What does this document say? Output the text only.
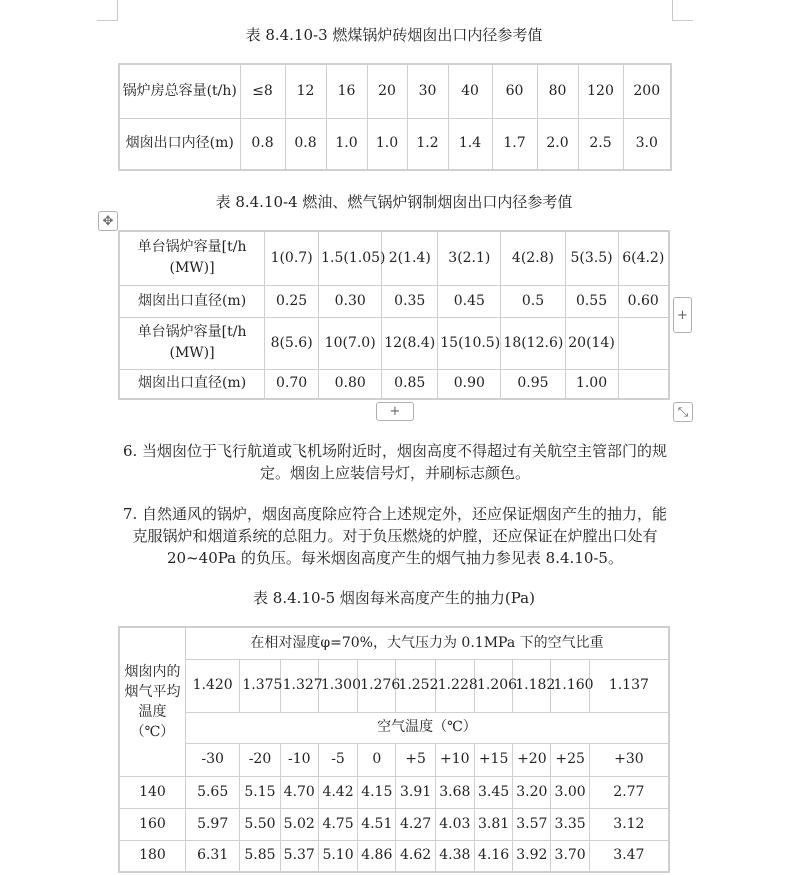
表 8.4.10-3 燃煤锅炉砖烟囱出口内径参考值
锅炉房总容量(t/h)	≤8	12	16	20	30	40	60	80	120	200
烟囱出口内径(m)	0.8	0.8	1.0	1.0	1.2	1.4	1.7	2.0	2.5	3.0
表 8.4.10-4 燃油、燃气锅炉钢制烟囱出口内径参考值
✥
单台锅炉容量[t/h (MW)]	1(0.7)	1.5(1.05)	2(1.4)	3(2.1)	4(2.8)	5(3.5)	6(4.2)
烟囱出口直径(m)	0.25	0.30	0.35	0.45	0.5	0.55	0.60
单台锅炉容量[t/h (MW)]	8(5.6)	10(7.0)	12(8.4)	15(10.5)	18(12.6)	20(14)	
烟囱出口直径(m)	0.70	0.80	0.85	0.90	0.95	1.00	
+
+	⤡
6. 当烟囱位于飞行航道或飞机场附近时，烟囱高度不得超过有关航空主管部门的规定。烟囱上应装信号灯，并刷标志颜色。
7. 自然通风的锅炉，烟囱高度除应符合上述规定外，还应保证烟囱产生的抽力，能克服锅炉和烟道系统的总阻力。对于负压燃烧的炉膛，还应保证在炉膛出口处有 20~40Pa 的负压。每米烟囱高度产生的烟气抽力参见表 8.4.10-5。
表 8.4.10-5 烟囱每米高度产生的抽力(Pa)
烟囱内的烟气平均温度（℃）	在相对湿度φ=70%，大气压力为 0.1MPa 下的空气比重										
	1.420	1.375	1.327	1.300	1.276	1.252	1.228	1.206	1.182	1.160	1.137
	空气温度（℃）										
	-30	-20	-10	-5	0	+5	+10	+15	+20	+25	+30
140	5.65	5.15	4.70	4.42	4.15	3.91	3.68	3.45	3.20	3.00	2.77
160	5.97	5.50	5.02	4.75	4.51	4.27	4.03	3.81	3.57	3.35	3.12
180	6.31	5.85	5.37	5.10	4.86	4.62	4.38	4.16	3.92	3.70	3.47
